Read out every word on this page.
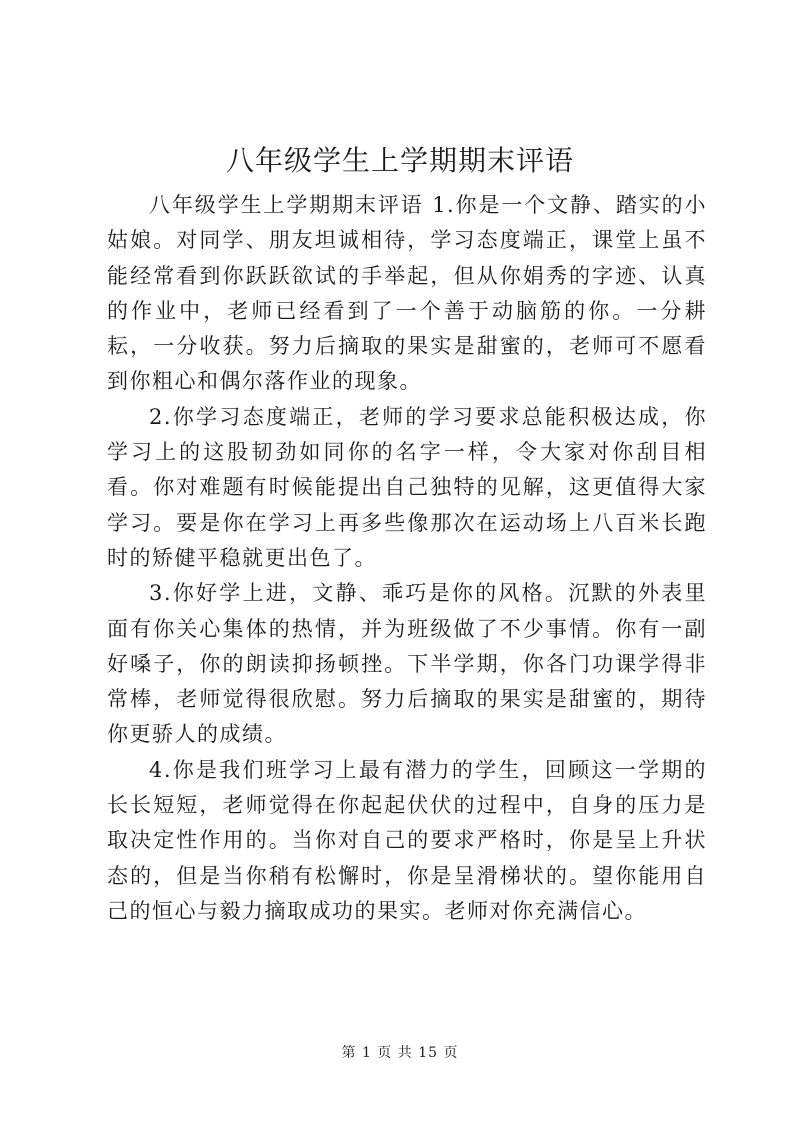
八年级学生上学期期末评语

八年级学生上学期期末评语 1.你是一个文静、踏实的小姑娘。对同学、朋友坦诚相待，学习态度端正，课堂上虽不能经常看到你跃跃欲试的手举起，但从你娟秀的字迹、认真的作业中，老师已经看到了一个善于动脑筋的你。一分耕耘，一分收获。努力后摘取的果实是甜蜜的，老师可不愿看到你粗心和偶尔落作业的现象。

2.你学习态度端正，老师的学习要求总能积极达成，你学习上的这股韧劲如同你的名字一样，令大家对你刮目相看。你对难题有时候能提出自己独特的见解，这更值得大家学习。要是你在学习上再多些像那次在运动场上八百米长跑时的矫健平稳就更出色了。

3.你好学上进，文静、乖巧是你的风格。沉默的外表里面有你关心集体的热情，并为班级做了不少事情。你有一副好嗓子，你的朗读抑扬顿挫。下半学期，你各门功课学得非常棒，老师觉得很欣慰。努力后摘取的果实是甜蜜的，期待你更骄人的成绩。

4.你是我们班学习上最有潜力的学生，回顾这一学期的长长短短，老师觉得在你起起伏伏的过程中，自身的压力是取决定性作用的。当你对自己的要求严格时，你是呈上升状态的，但是当你稍有松懈时，你是呈滑梯状的。望你能用自己的恒心与毅力摘取成功的果实。老师对你充满信心。

第 1 页 共 15 页
